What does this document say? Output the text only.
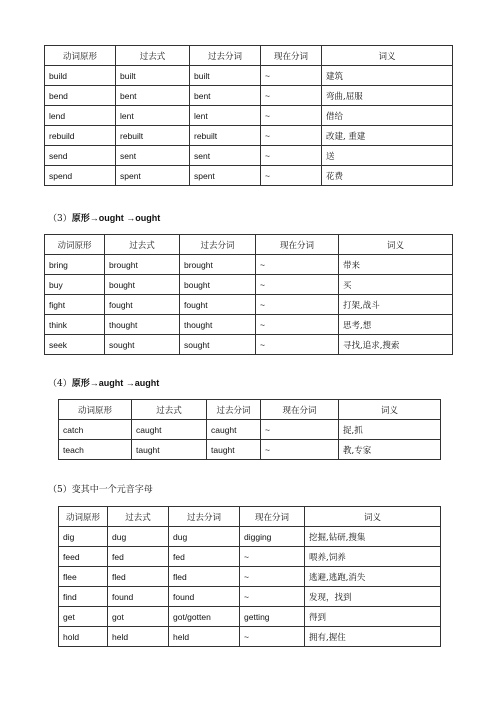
动词原形	过去式	过去分词	现在分词	词义
build	built	built	~	建筑
bend	bent	bent	~	弯曲,屈服
lend	lent	lent	~	借给
rebuild	rebuilt	rebuilt	~	改建, 重建
send	sent	sent	~	送
spend	spent	spent	~	花费
（3）原形→ought →ought
动词原形	过去式	过去分词	现在分词	词义
bring	brought	brought	~	带来
buy	bought	bought	~	买
fight	fought	fought	~	打架,战斗
think	thought	thought	~	思考,想
seek	sought	sought	~	寻找,追求,搜索
（4）原形→aught →aught
动词原形	过去式	过去分词	现在分词	词义
catch	caught	caught	~	捉,抓
teach	taught	taught	~	教,专家
（5）变其中一个元音字母
动词原形	过去式	过去分词	现在分词	词义
dig	dug	dug	digging	挖掘,钻研,搜集
feed	fed	fed	~	喂养,饲养
flee	fled	fled	~	逃避,逃跑,消失
find	found	found	~	发现，找到
get	got	got/gotten	getting	得到
hold	held	held	~	拥有,握住
